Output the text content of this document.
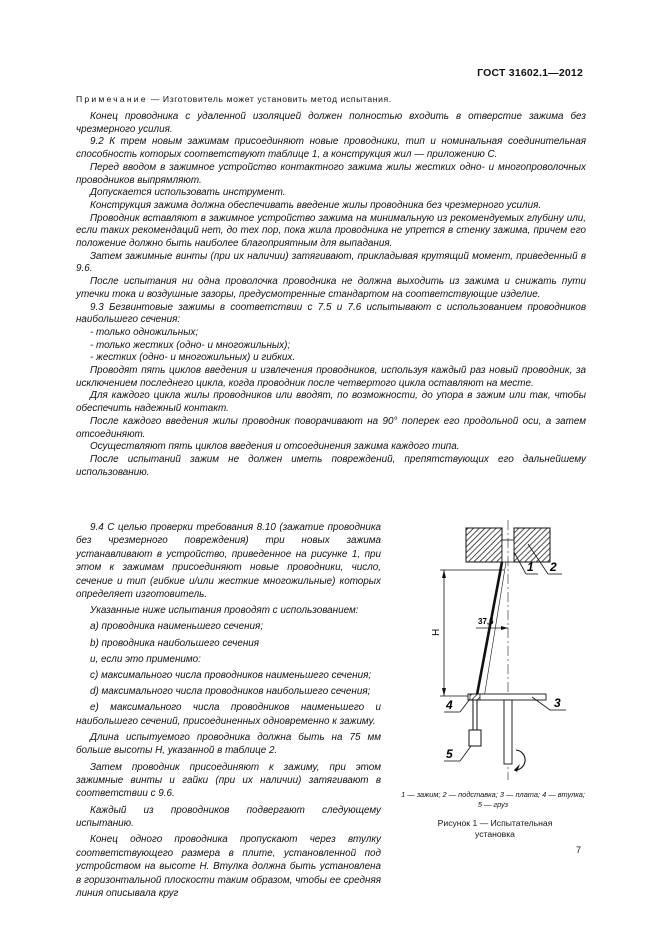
ГОСТ 31602.1—2012
Примечание — Изготовитель может установить метод испытания.

Конец проводника с удаленной изоляцией должен полностью входить в отверстие зажима без чрезмерного усилия.

9.2 К трем новым зажимам присоединяют новые проводники, тип и номинальная соединительная способность которых соответствуют таблице 1, а конструкция жил — приложению С.

Перед вводом в зажимное устройство контактного зажима жилы жестких одно- и многопроволочных проводников выпрямляют.

Допускается использовать инструмент.

Конструкция зажима должна обеспечивать введение жилы проводника без чрезмерного усилия.

Проводник вставляют в зажимное устройство зажима на минимальную из рекомендуемых глубину или, если таких рекомендаций нет, до тех пор, пока жила проводника не упрется в стенку зажима, причем его положение должно быть наиболее благоприятным для выпадания.

Затем зажимные винты (при их наличии) затягивают, прикладывая крутящий момент, приведенный в 9.6.

После испытания ни одна проволочка проводника не должна выходить из зажима и снижать пути утечки тока и воздушные зазоры, предусмотренные стандартом на соответствующие изделие.

9.3 Безвинтовые зажимы в соответствии с 7.5 и 7.6 испытывают с использованием проводников наибольшего сечения:

- только одножильных;

- только жестких (одно- и многожильных);

- жестких (одно- и многожильных) и гибких.

Проводят пять циклов введения и извлечения проводников, используя каждый раз новый проводник, за исключением последнего цикла, когда проводник после четвертого цикла оставляют на месте.

Для каждого цикла жилы проводников или вводят, по возможности, до упора в зажим или так, чтобы обеспечить надежный контакт.

После каждого введения жилы проводник поворачивают на 90° поперек его продольной оси, а затем отсоединяют.

Осуществляют пять циклов введения и отсоединения зажима каждого типа.

После испытаний зажим не должен иметь повреждений, препятствующих его дальнейшему использованию.

9.4 С целью проверки требования 8.10 (зажатие проводника без чрезмерного повреждения) три новых зажима устанавливают в устройство, приведенное на рисунке 1, при этом к зажимам присоединяют новые проводники, число, сечение и тип (гибкие и/или жесткие многожильные) которых определяет изготовитель.

Указанные ниже испытания проводят с использованием:

a) проводника наименьшего сечения;

b) проводника наибольшего сечения

и, если это применимо:

c) максимального числа проводников наименьшего сечения;

d) максимального числа проводников наибольшего сечения;

e) максимального числа проводников наименьшего и наибольшего сечений, присоединенных одновременно к зажиму.

Длина испытуемого проводника должна быть на 75 мм больше высоты H, указанной в таблице 2.

Затем проводник присоединяют к зажиму, при этом зажимные винты и гайки (при их наличии) затягивают в соответствии с 9.6.

Каждый из проводников подвергают следующему испытанию.

Конец одного проводника пропускают через втулку соответствующего размера в плите, установленной под устройством на высоте H. Втулка должна быть установлена в горизонтальной плоскости таким образом, чтобы ее средняя линия описывала круг

1 2
3
4
5
H
37,6
1 — зажим; 2 — подставка; 3 — плата; 4 — втулка; 5 — груз
Рисунок 1 — Испытательная установка
7
